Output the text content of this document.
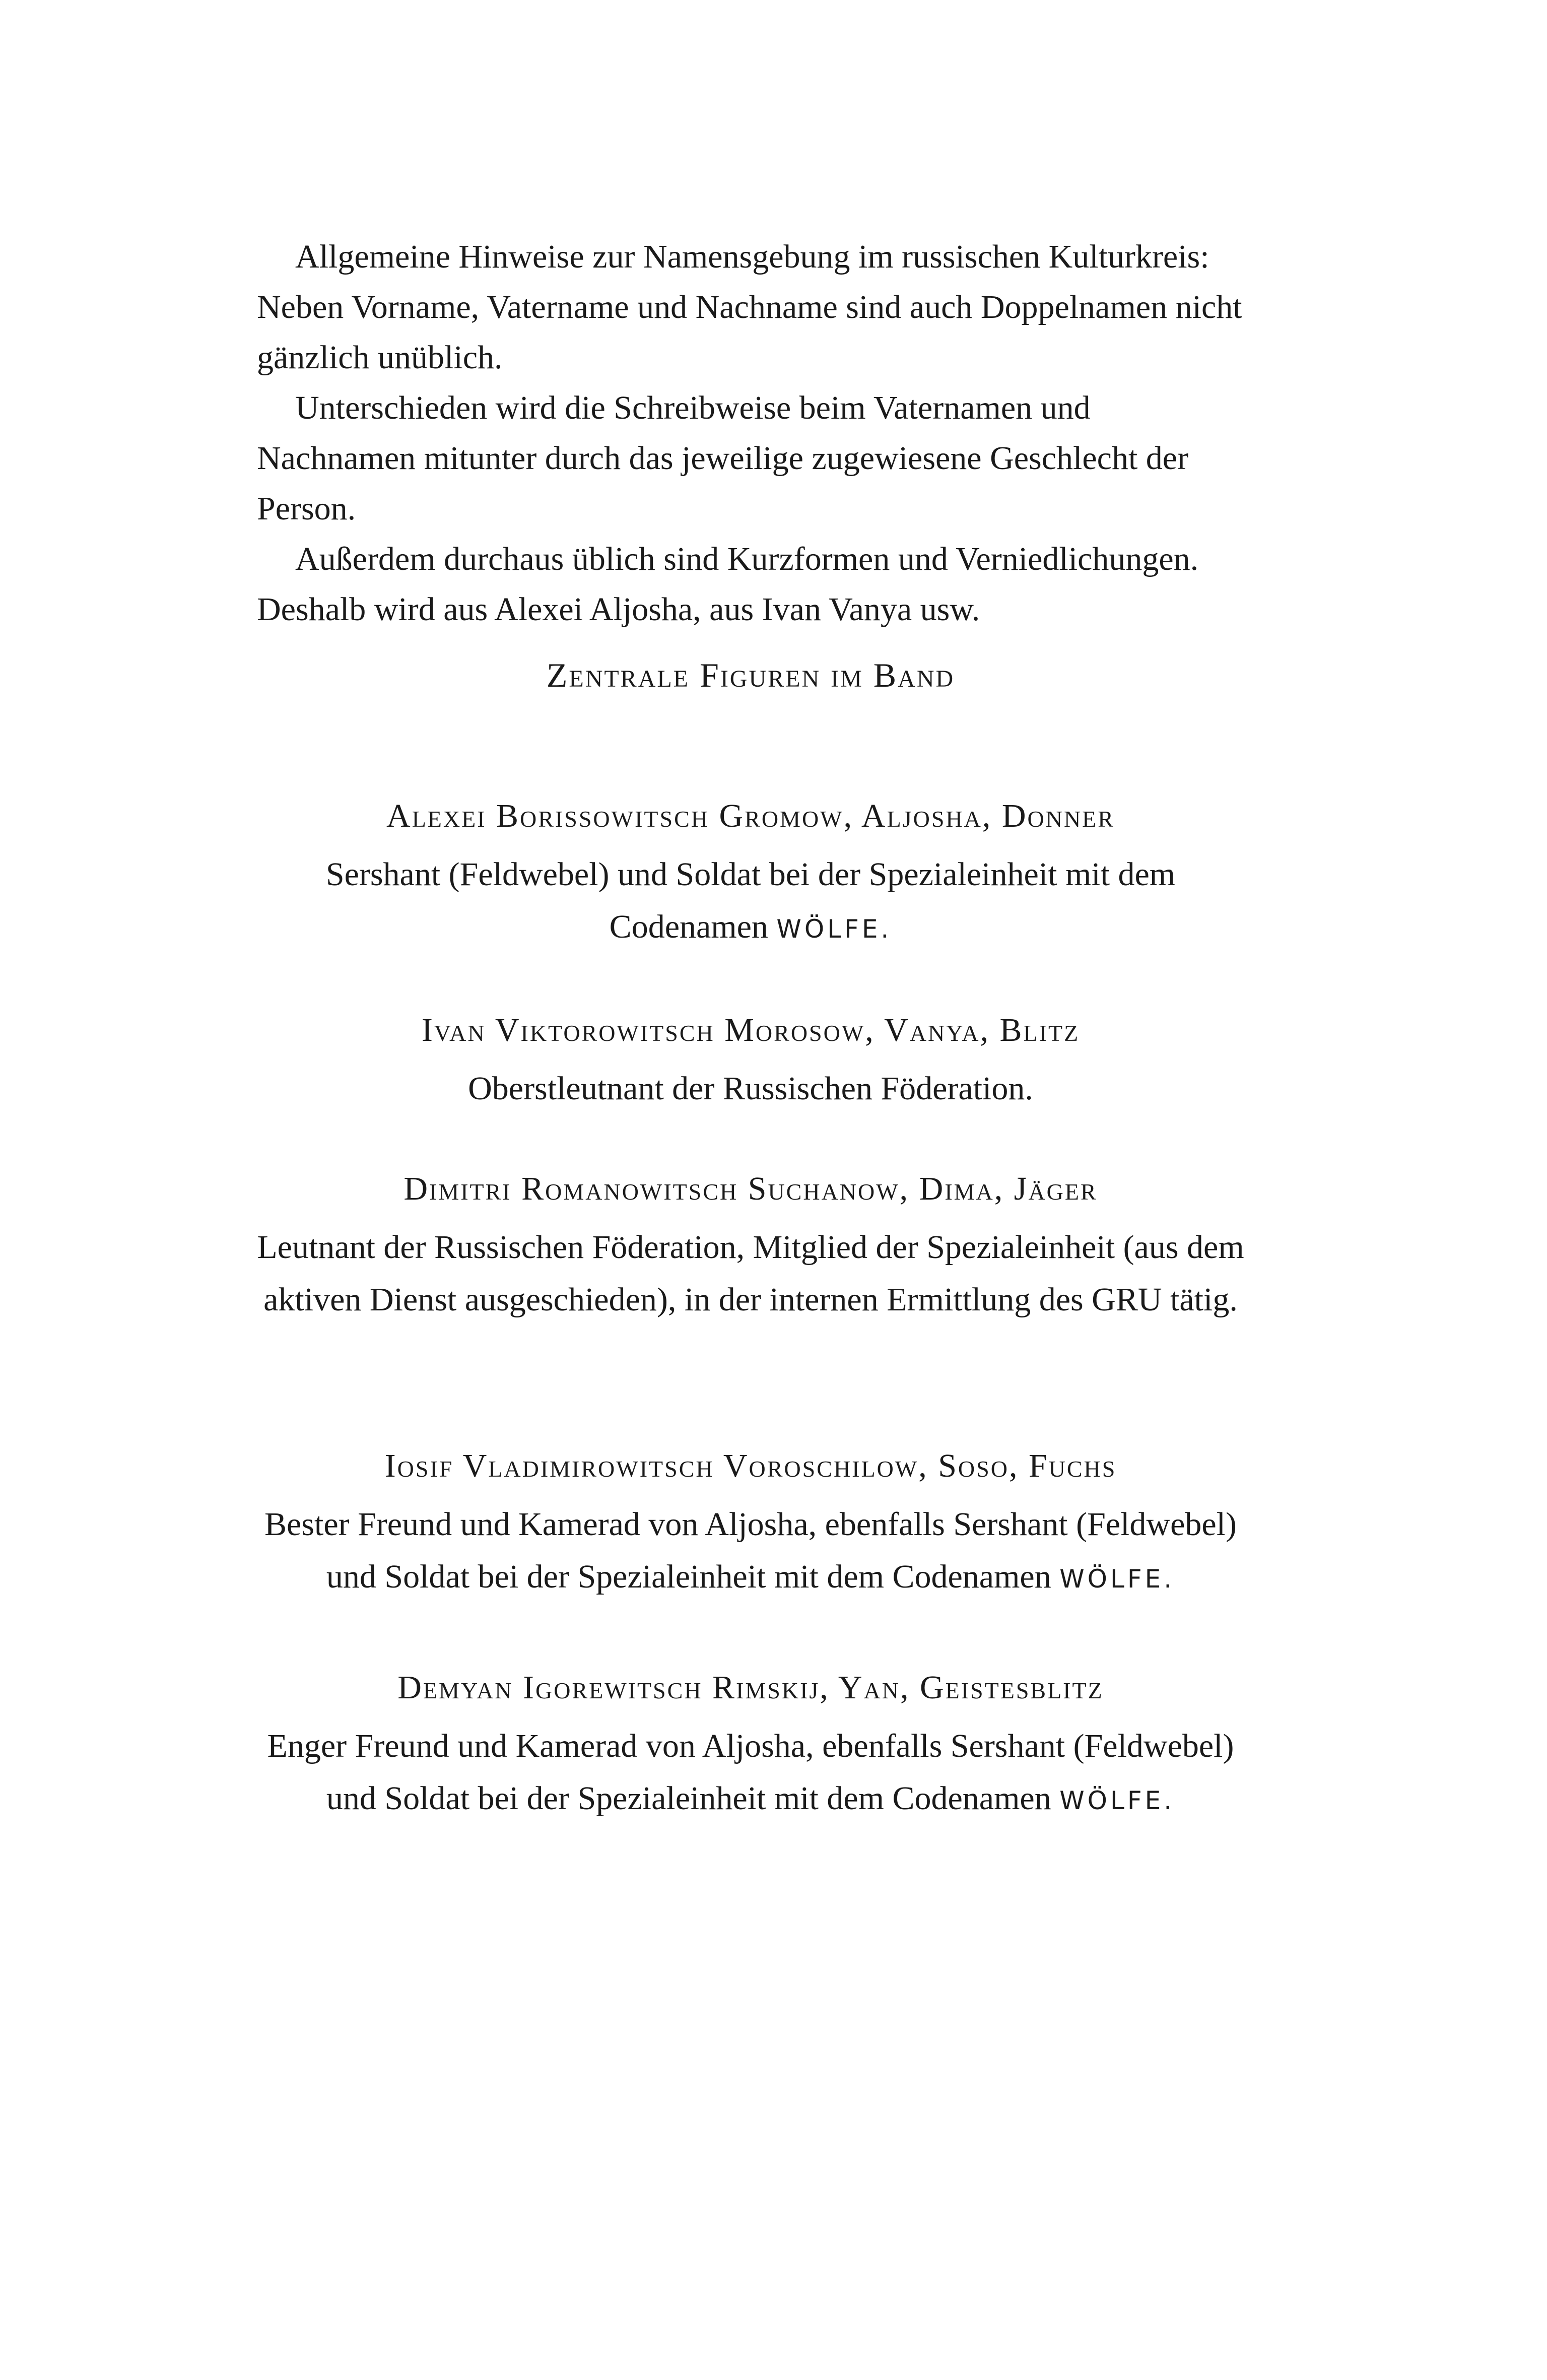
Allgemeine Hinweise zur Namensgebung im russischen Kulturkreis: Neben Vorname, Vatername und Nachname sind auch Doppelnamen nicht gänzlich unüblich.

Unterschieden wird die Schreibweise beim Vaternamen und Nachnamen mitunter durch das jeweilige zugewiesene Geschlecht der Person.

Außerdem durchaus üblich sind Kurzformen und Verniedlichungen. Deshalb wird aus Alexei Aljosha, aus Ivan Vanya usw.

Zentrale Figuren im Band
Alexei Borissowitsch Gromow, Aljosha, Donner
Sershant (Feldwebel) und Soldat bei der Spezialeinheit mit dem Codenamen WÖLFE.
Ivan Viktorowitsch Morosow, Vanya, Blitz
Oberstleutnant der Russischen Föderation.
Dimitri Romanowitsch Suchanow, Dima, Jäger
Leutnant der Russischen Föderation, Mitglied der Spezialeinheit (aus dem aktiven Dienst ausgeschieden), in der internen Ermittlung des GRU tätig.
Iosif Vladimirowitsch Voroschilow, Soso, Fuchs
Bester Freund und Kamerad von Aljosha, ebenfalls Sershant (Feldwebel) und Soldat bei der Spezialeinheit mit dem Codenamen WÖLFE.
Demyan Igorewitsch Rimskij, Yan, Geistesblitz
Enger Freund und Kamerad von Aljosha, ebenfalls Sershant (Feldwebel) und Soldat bei der Spezialeinheit mit dem Codenamen WÖLFE.
